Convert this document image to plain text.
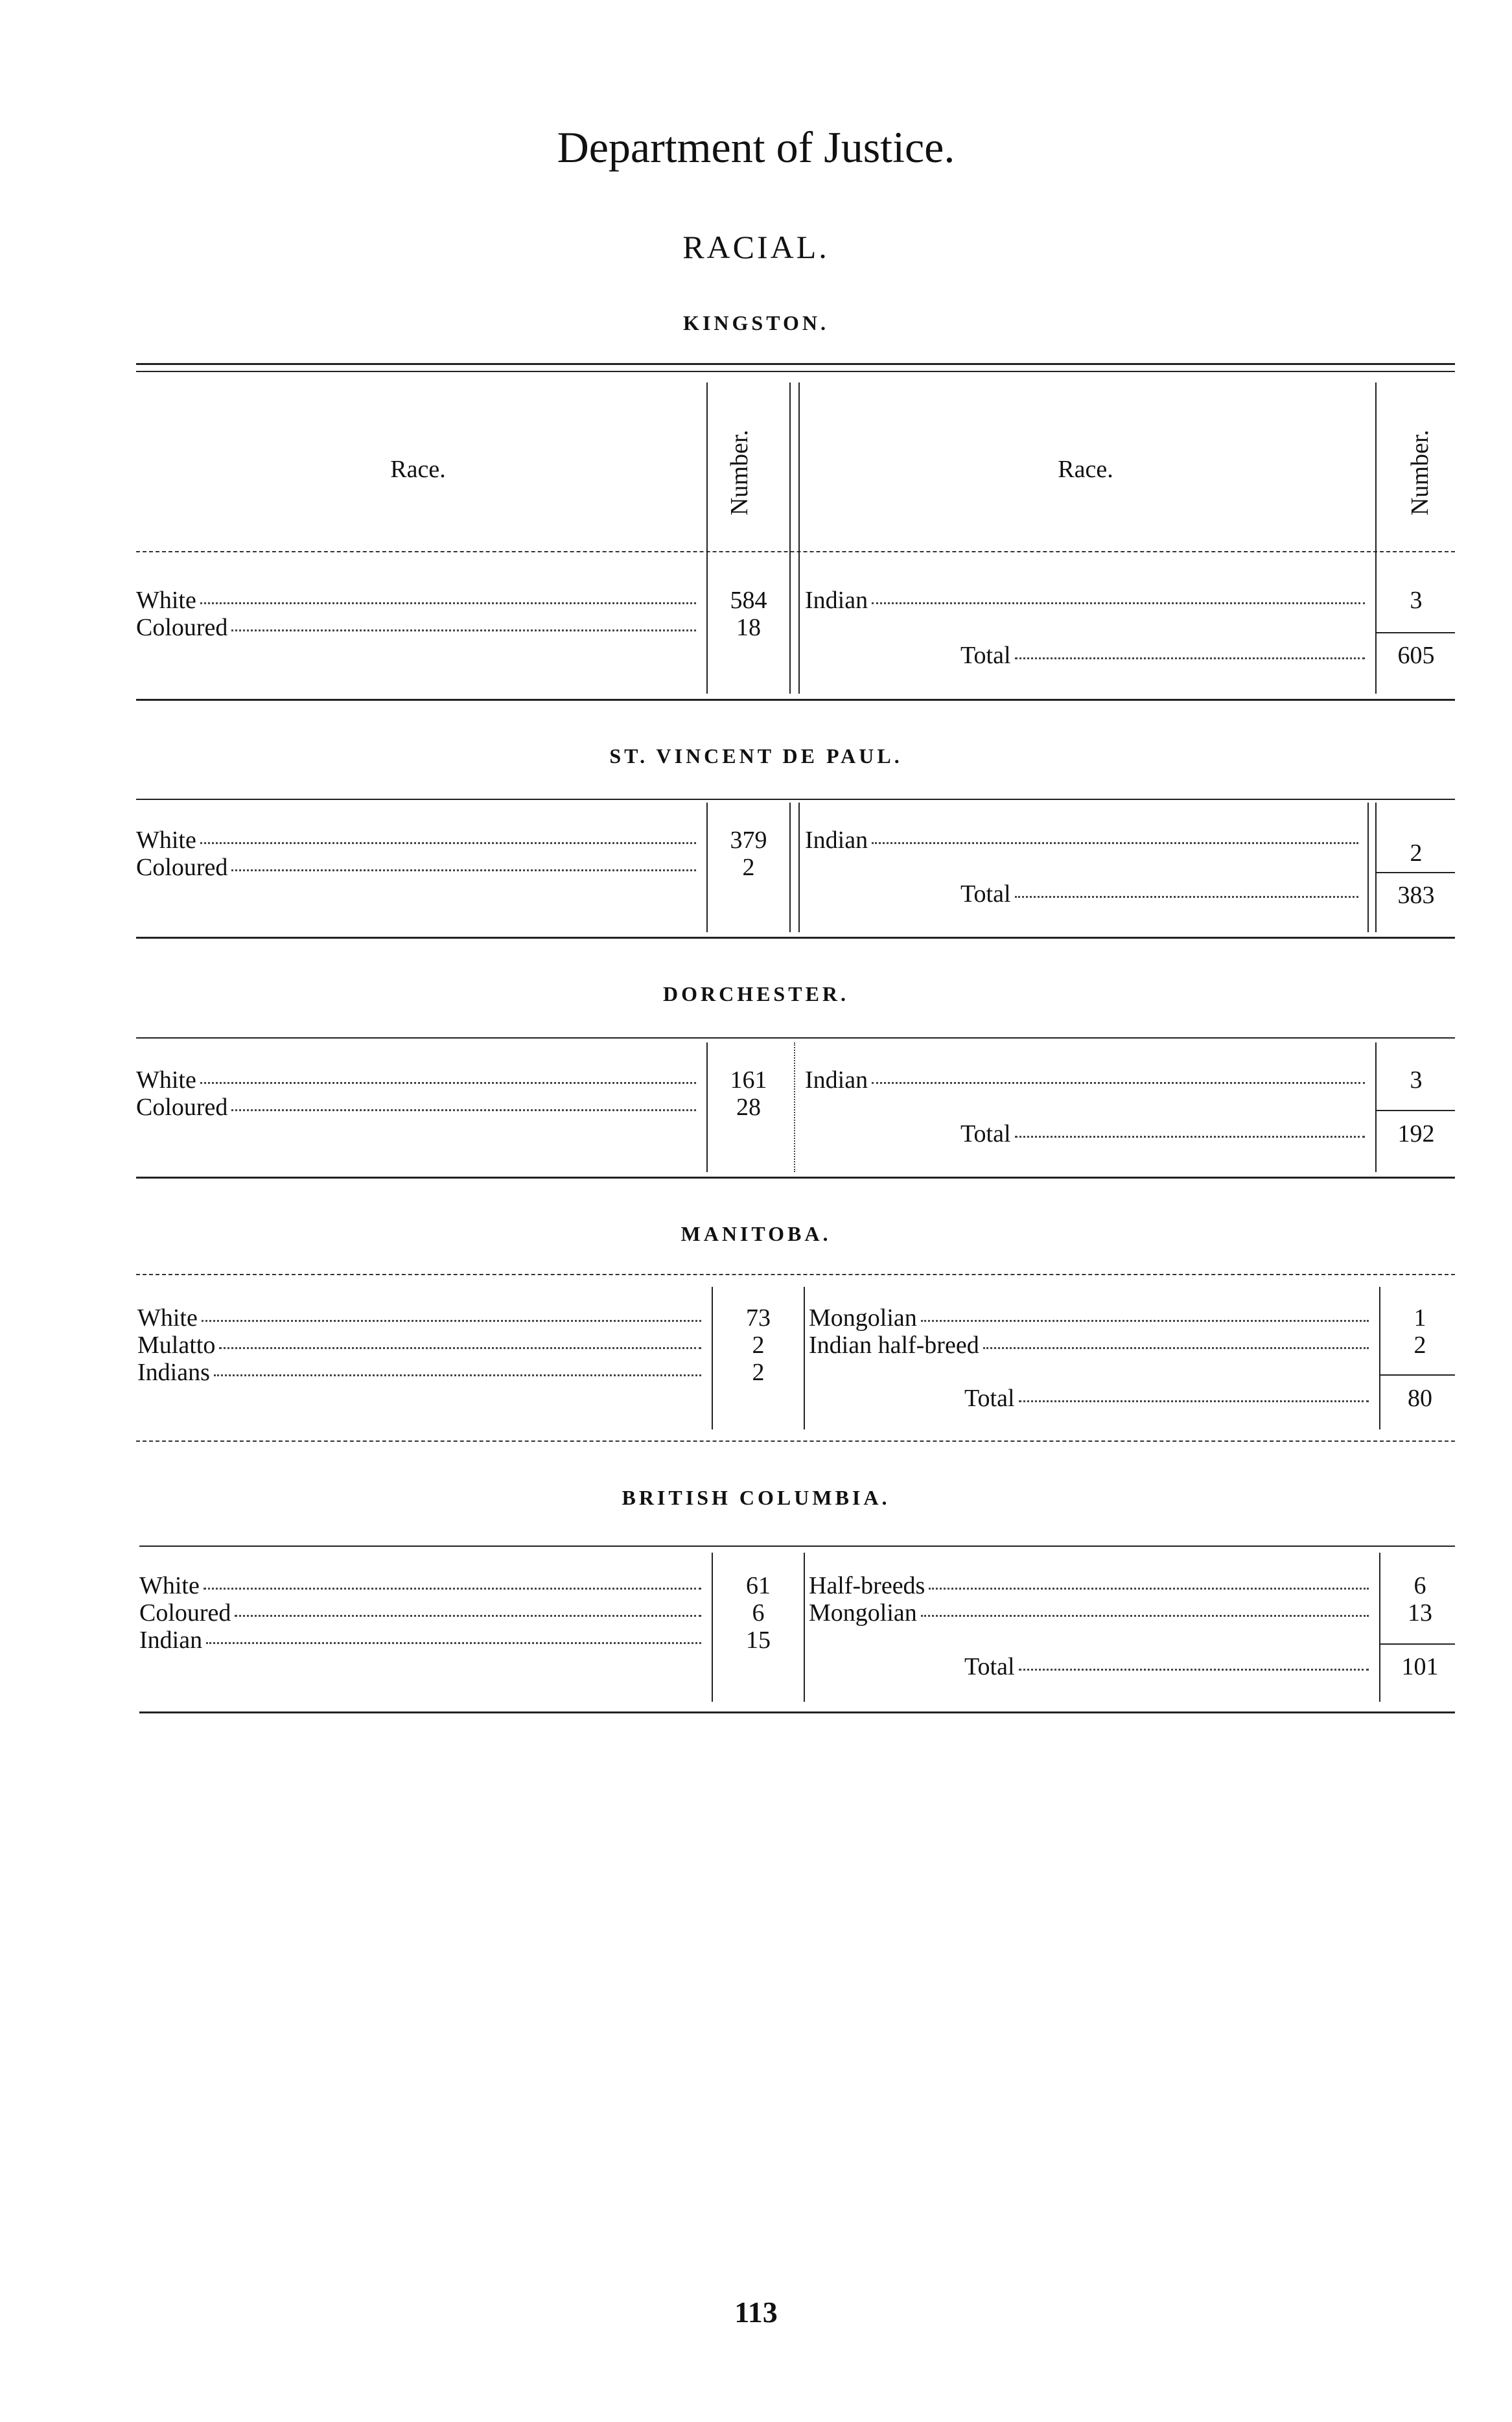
Department of Justice.
RACIAL.
KINGSTON.
Race.	Number.	Race.	Number.
White	584
Coloured	18
Indian	3
Total	605
ST. VINCENT DE PAUL.
White	379
Coloured	2
Indian	2
Total	383
DORCHESTER.
White	161
Coloured	28
Indian	3
Total	192
MANITOBA.
White	73
Mulatto	2
Indians	2
Mongolian	1
Indian half-breed	2
Total	80
BRITISH COLUMBIA.
White	61
Coloured	6
Indian	15
Half-breeds	6
Mongolian	13
Total	101
113
